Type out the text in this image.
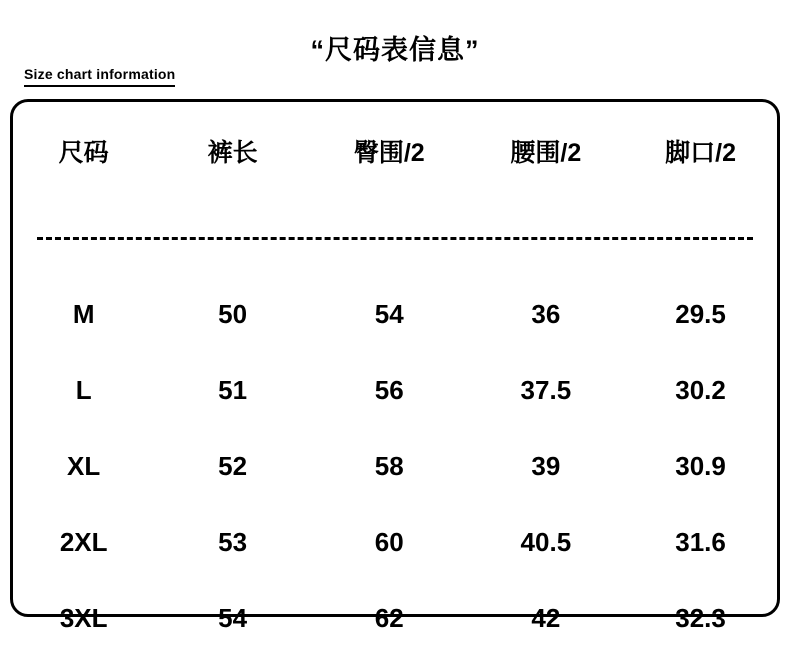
“尺码表信息”
Size chart information
尺码	裤长	臀围/2	腰围/2	脚口/2

M	50	54	36	29.5
L	51	56	37.5	30.2
XL	52	58	39	30.9
2XL	53	60	40.5	31.6
3XL	54	62	42	32.3
